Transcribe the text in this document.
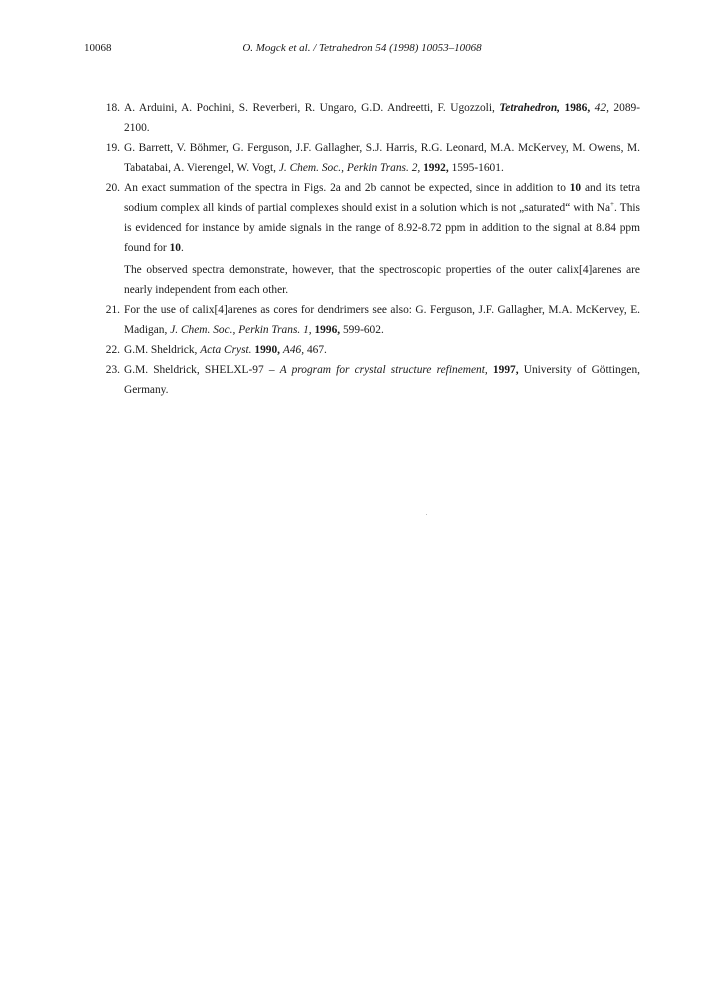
10068	O. Mogck et al. / Tetrahedron 54 (1998) 10053–10068
18. A. Arduini, A. Pochini, S. Reverberi, R. Ungaro, G.D. Andreetti, F. Ugozzoli, Tetrahedron, 1986, 42, 2089-2100.
19. G. Barrett, V. Böhmer, G. Ferguson, J.F. Gallagher, S.J. Harris, R.G. Leonard, M.A. McKervey, M. Owens, M. Tabatabai, A. Vierengel, W. Vogt, J. Chem. Soc., Perkin Trans. 2, 1992, 1595-1601.
20. An exact summation of the spectra in Figs. 2a and 2b cannot be expected, since in addition to 10 and its tetra sodium complex all kinds of partial complexes should exist in a solution which is not „saturated“ with Na+. This is evidenced for instance by amide signals in the range of 8.92-8.72 ppm in addition to the signal at 8.84 ppm found for 10.
The observed spectra demonstrate, however, that the spectroscopic properties of the outer calix[4]arenes are nearly independent from each other.
21. For the use of calix[4]arenes as cores for dendrimers see also: G. Ferguson, J.F. Gallagher, M.A. McKervey, E. Madigan, J. Chem. Soc., Perkin Trans. 1, 1996, 599-602.
22. G.M. Sheldrick, Acta Cryst. 1990, A46, 467.
23. G.M. Sheldrick, SHELXL-97 – A program for crystal structure refinement, 1997, University of Göttingen, Germany.
